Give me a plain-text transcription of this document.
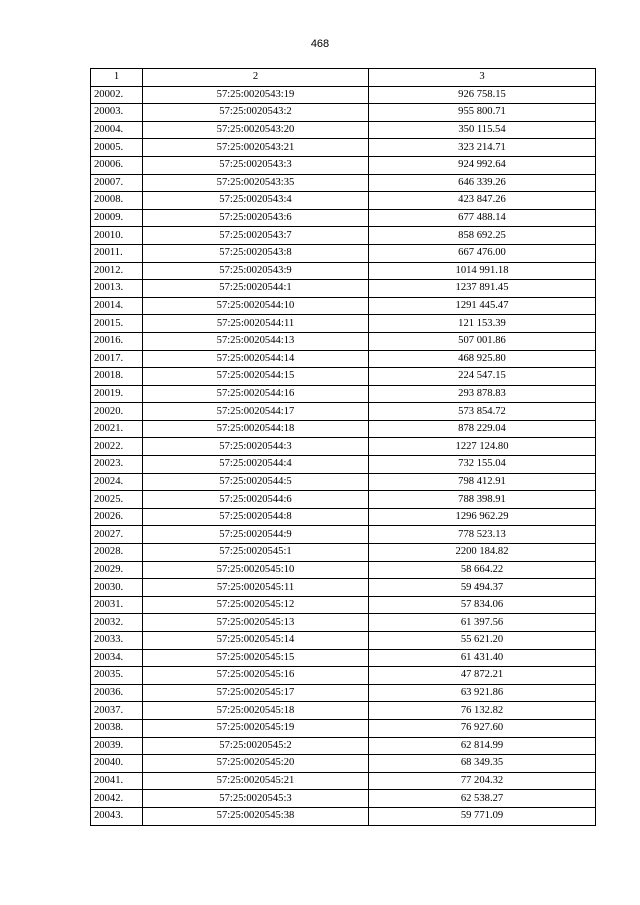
468
1	2	3
20002.	57:25:0020543:19	926 758.15
20003.	57:25:0020543:2	955 800.71
20004.	57:25:0020543:20	350 115.54
20005.	57:25:0020543:21	323 214.71
20006.	57:25:0020543:3	924 992.64
20007.	57:25:0020543:35	646 339.26
20008.	57:25:0020543:4	423 847.26
20009.	57:25:0020543:6	677 488.14
20010.	57:25:0020543:7	858 692.25
20011.	57:25:0020543:8	667 476.00
20012.	57:25:0020543:9	1014 991.18
20013.	57:25:0020544:1	1237 891.45
20014.	57:25:0020544:10	1291 445.47
20015.	57:25:0020544:11	121 153.39
20016.	57:25:0020544:13	507 001.86
20017.	57:25:0020544:14	468 925.80
20018.	57:25:0020544:15	224 547.15
20019.	57:25:0020544:16	293 878.83
20020.	57:25:0020544:17	573 854.72
20021.	57:25:0020544:18	878 229.04
20022.	57:25:0020544:3	1227 124.80
20023.	57:25:0020544:4	732 155.04
20024.	57:25:0020544:5	798 412.91
20025.	57:25:0020544:6	788 398.91
20026.	57:25:0020544:8	1296 962.29
20027.	57:25:0020544:9	778 523.13
20028.	57:25:0020545:1	2200 184.82
20029.	57:25:0020545:10	58 664.22
20030.	57:25:0020545:11	59 494.37
20031.	57:25:0020545:12	57 834.06
20032.	57:25:0020545:13	61 397.56
20033.	57:25:0020545:14	55 621.20
20034.	57:25:0020545:15	61 431.40
20035.	57:25:0020545:16	47 872.21
20036.	57:25:0020545:17	63 921.86
20037.	57:25:0020545:18	76 132.82
20038.	57:25:0020545:19	76 927.60
20039.	57:25:0020545:2	62 814.99
20040.	57:25:0020545:20	68 349.35
20041.	57:25:0020545:21	77 204.32
20042.	57:25:0020545:3	62 538.27
20043.	57:25:0020545:38	59 771.09
